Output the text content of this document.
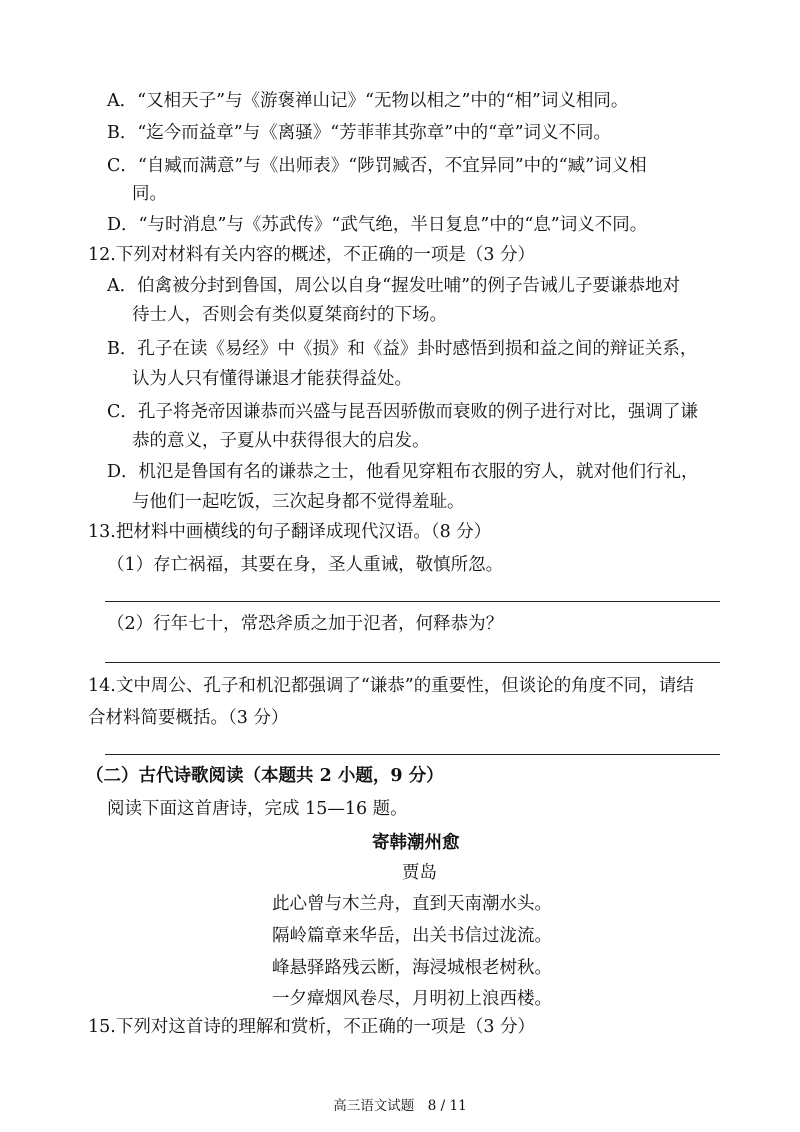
A．“又相天子”与《游褒禅山记》“无物以相之”中的“相”词义相同。
B．“迄今而益章”与《离骚》“芳菲菲其弥章”中的“章”词义不同。
C．“自臧而满意”与《出师表》“陟罚臧否，不宜异同”中的“臧”词义相
同。
D．“与时消息”与《苏武传》“武气绝，半日复息”中的“息”词义不同。
12.下列对材料有关内容的概述，不正确的一项是（3 分）
A．伯禽被分封到鲁国，周公以自身“握发吐哺”的例子告诫儿子要谦恭地对
待士人，否则会有类似夏桀商纣的下场。
B．孔子在读《易经》中《损》和《益》卦时感悟到损和益之间的辩证关系，
认为人只有懂得谦退才能获得益处。
C．孔子将尧帝因谦恭而兴盛与昆吾因骄傲而衰败的例子进行对比，强调了谦
恭的意义，子夏从中获得很大的启发。
D．机氾是鲁国有名的谦恭之士，他看见穿粗布衣服的穷人，就对他们行礼，
与他们一起吃饭，三次起身都不觉得羞耻。
13.把材料中画横线的句子翻译成现代汉语。（8 分）
（1）存亡祸福，其要在身，圣人重诫，敬慎所忽。
（2）行年七十，常恐斧质之加于氾者，何释恭为？
14.文中周公、孔子和机氾都强调了“谦恭”的重要性，但谈论的角度不同，请结
合材料简要概括。（3 分）
（二）古代诗歌阅读（本题共 2 小题，9 分）
阅读下面这首唐诗，完成 15—16 题。
寄韩潮州愈
贾岛
此心曾与木兰舟，直到天南潮水头。
隔岭篇章来华岳，出关书信过泷流。
峰悬驿路残云断，海浸城根老树秋。
一夕瘴烟风卷尽，月明初上浪西楼。
15.下列对这首诗的理解和赏析，不正确的一项是（3 分）
高三语文试题　8 / 11
